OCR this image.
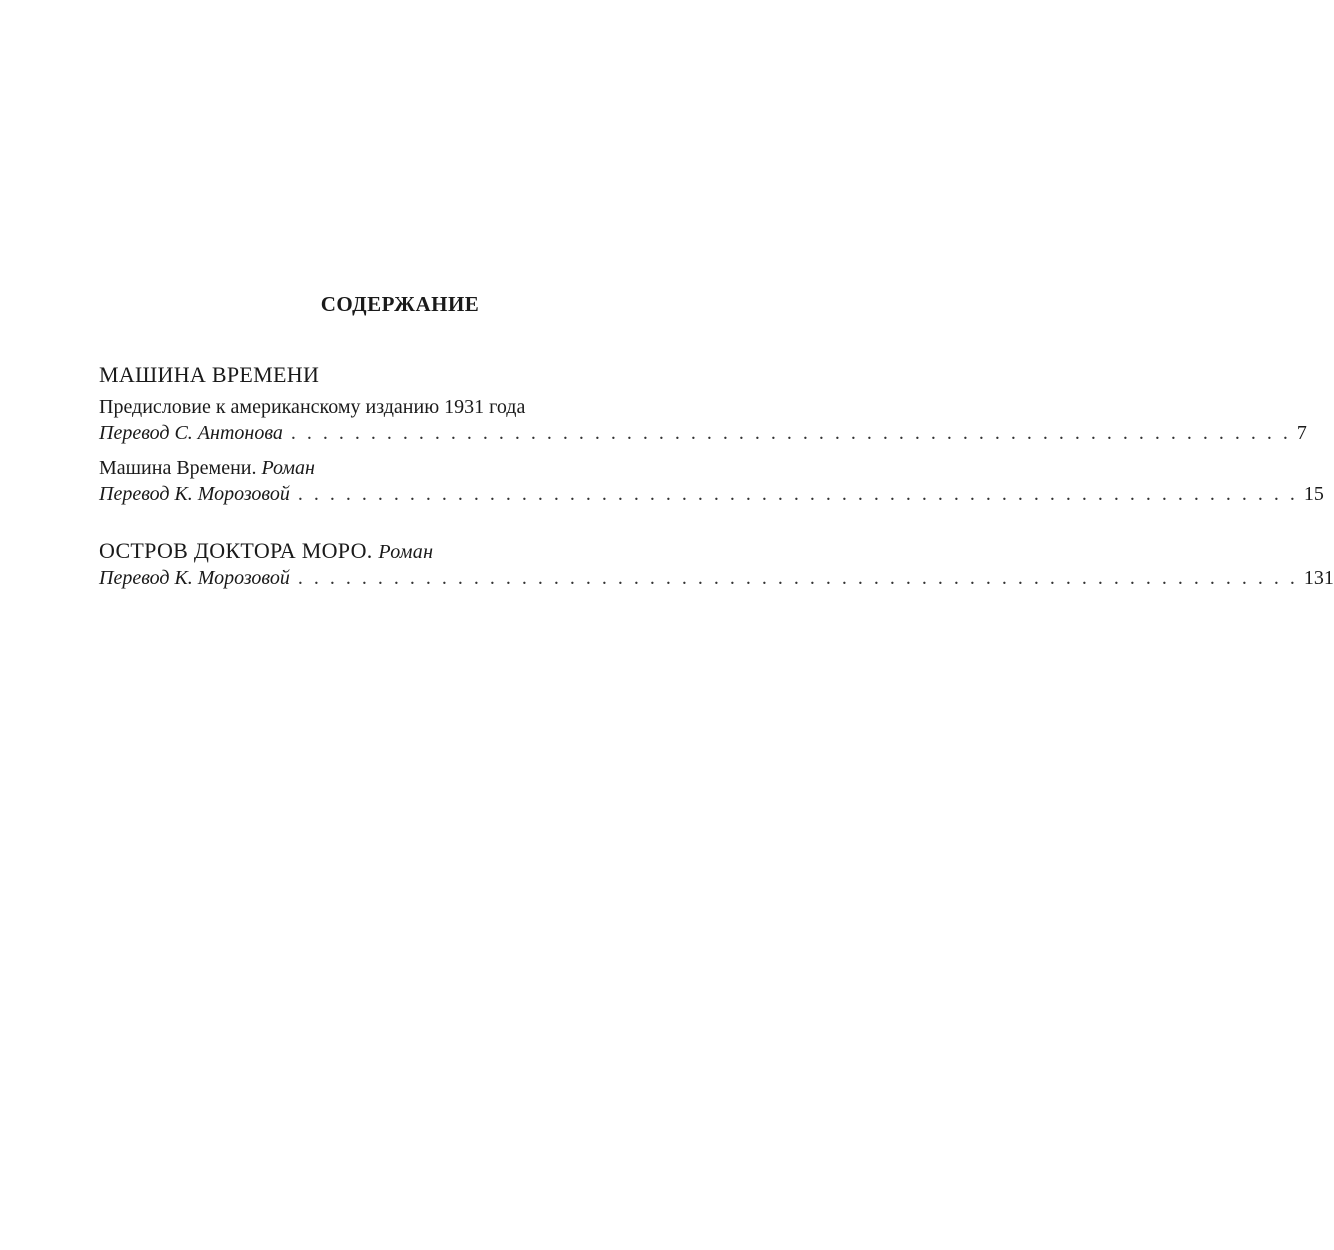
СОДЕРЖАНИЕ
МАШИНА ВРЕМЕНИ
Предисловие к американскому изданию 1931 года
Перевод С. Антонова . . . . . . . . . . . . . . . . . . . . . . . . . . . . . . . . . . . . . . . . . . . . . . . . . . . . . . . . . . . . . . . 7
Машина Времени. Роман
Перевод К. Морозовой . . . . . . . . . . . . . . . . . . . . . . . . . . . . . . . . . . . . . . . . . . . . . . . . . . . . . . . . . . . . . . . 15
ОСТРОВ ДОКТОРА МОРО. Роман
Перевод К. Морозовой . . . . . . . . . . . . . . . . . . . . . . . . . . . . . . . . . . . . . . . . . . . . . . . . . . . . . . . . . . . . . . . 131
